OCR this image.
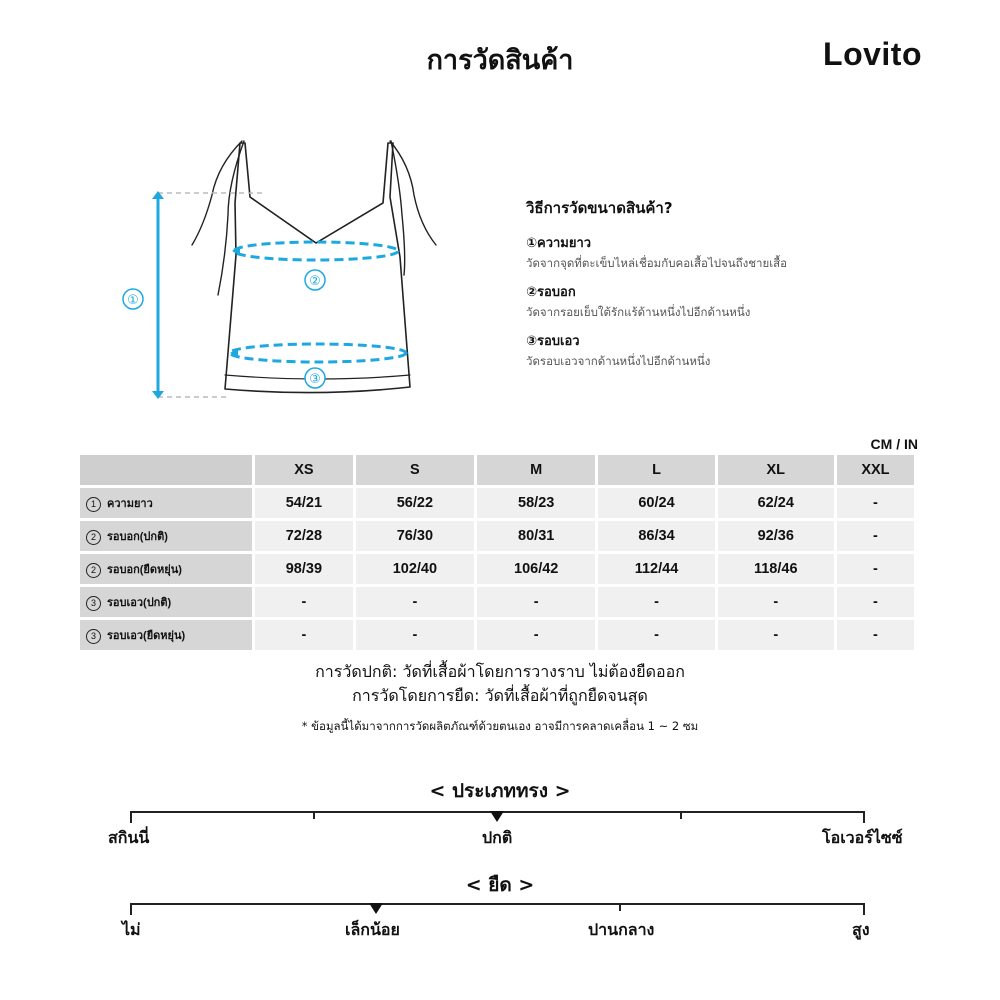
การวัดสินค้า	Lovito
①
②
③
วิธีการวัดขนาดสินค้า?
①ความยาว
วัดจากจุดที่ตะเข็บไหล่เชื่อมกับคอเสื้อไปจนถึงชายเสื้อ
②รอบอก
วัดจากรอยเย็บใต้รักแร้ด้านหนึ่งไปอีกด้านหนึ่ง
③รอบเอว
วัดรอบเอวจากด้านหนึ่งไปอีกด้านหนึ่ง
CM / IN
	XS	S	M	L	XL	XXL
1 ความยาว	54/21	56/22	58/23	60/24	62/24	-
2 รอบอก(ปกติ)	72/28	76/30	80/31	86/34	92/36	-
2 รอบอก(ยืดหยุ่น)	98/39	102/40	106/42	112/44	118/46	-
3 รอบเอว(ปกติ)	-	-	-	-	-	-
3 รอบเอว(ยืดหยุ่น)	-	-	-	-	-	-
การวัดปกติ: วัดที่เสื้อผ้าโดยการวางราบ ไม่ต้องยืดออก
การวัดโดยการยืด: วัดที่เสื้อผ้าที่ถูกยืดจนสุด
* ข้อมูลนี้ได้มาจากการวัดผลิตภัณฑ์ด้วยตนเอง อาจมีการคลาดเคลื่อน 1 ~ 2 ซม
< ประเภททรง >
สกินนี่	ปกติ	โอเวอร์ไซซ์
< ยืด >
ไม่	เล็กน้อย	ปานกลาง	สูง
